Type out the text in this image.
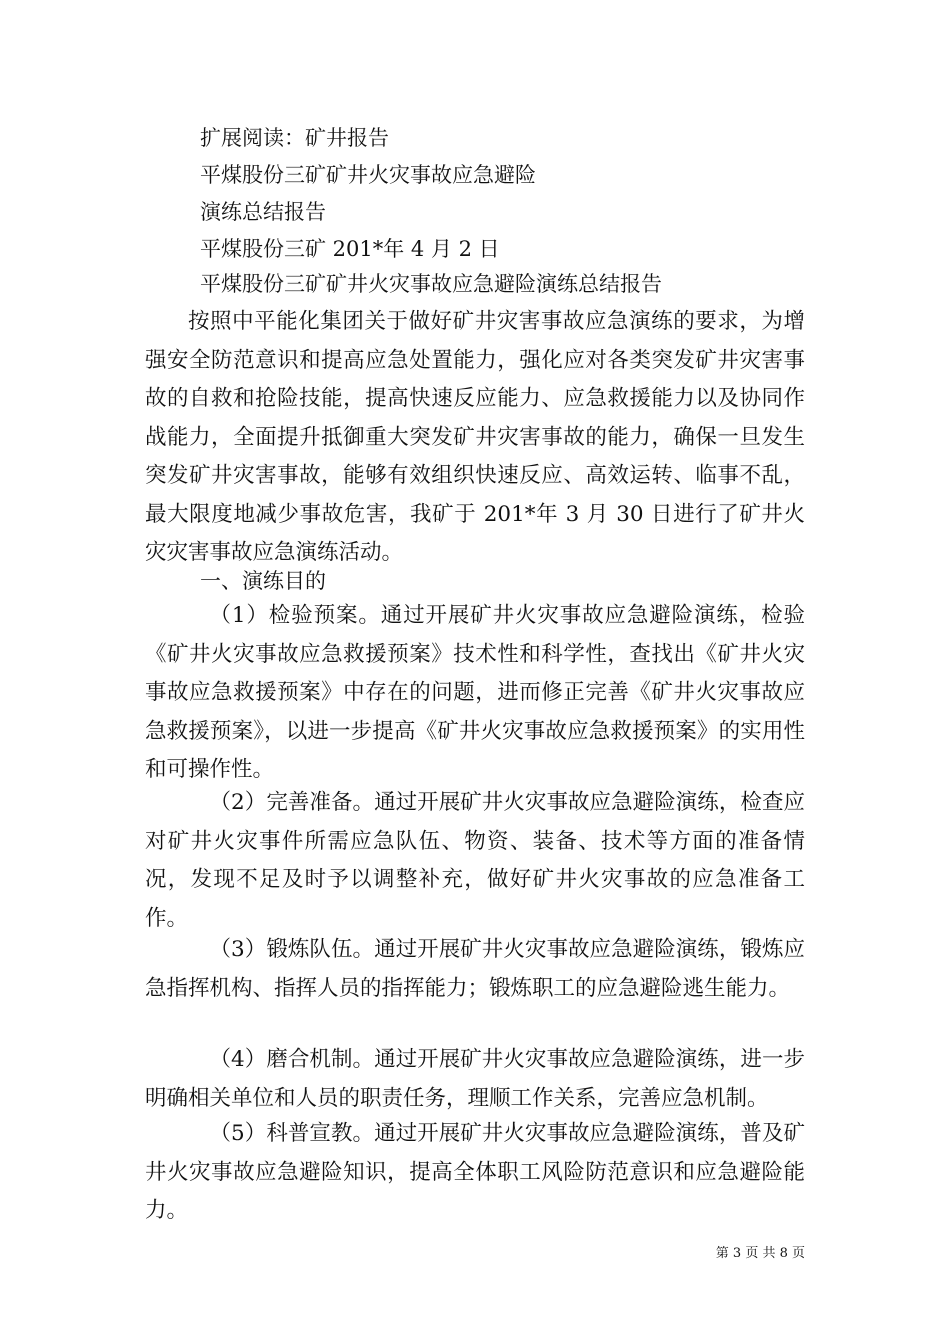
扩展阅读：矿井报告
平煤股份三矿矿井火灾事故应急避险
演练总结报告
平煤股份三矿 201*年 4 月 2 日
平煤股份三矿矿井火灾事故应急避险演练总结报告

按照中平能化集团关于做好矿井灾害事故应急演练的要求，为增强安全防范意识和提高应急处置能力，强化应对各类突发矿井灾害事故的自救和抢险技能，提高快速反应能力、应急救援能力以及协同作战能力，全面提升抵御重大突发矿井灾害事故的能力，确保一旦发生突发矿井灾害事故，能够有效组织快速反应、高效运转、临事不乱，最大限度地减少事故危害，我矿于 201*年 3 月 30 日进行了矿井火灾灾害事故应急演练活动。

一、演练目的

（1）检验预案。通过开展矿井火灾事故应急避险演练，检验《矿井火灾事故应急救援预案》技术性和科学性，查找出《矿井火灾事故应急救援预案》中存在的问题，进而修正完善《矿井火灾事故应急救援预案》，以进一步提高《矿井火灾事故应急救援预案》的实用性和可操作性。

（2）完善准备。通过开展矿井火灾事故应急避险演练，检查应对矿井火灾事件所需应急队伍、物资、装备、技术等方面的准备情况，发现不足及时予以调整补充，做好矿井火灾事故的应急准备工作。

（3）锻炼队伍。通过开展矿井火灾事故应急避险演练，锻炼应急指挥机构、指挥人员的指挥能力；锻炼职工的应急避险逃生能力。

（4）磨合机制。通过开展矿井火灾事故应急避险演练，进一步明确相关单位和人员的职责任务，理顺工作关系，完善应急机制。

（5）科普宣教。通过开展矿井火灾事故应急避险演练，普及矿井火灾事故应急避险知识，提高全体职工风险防范意识和应急避险能力。

第 3 页 共 8 页
